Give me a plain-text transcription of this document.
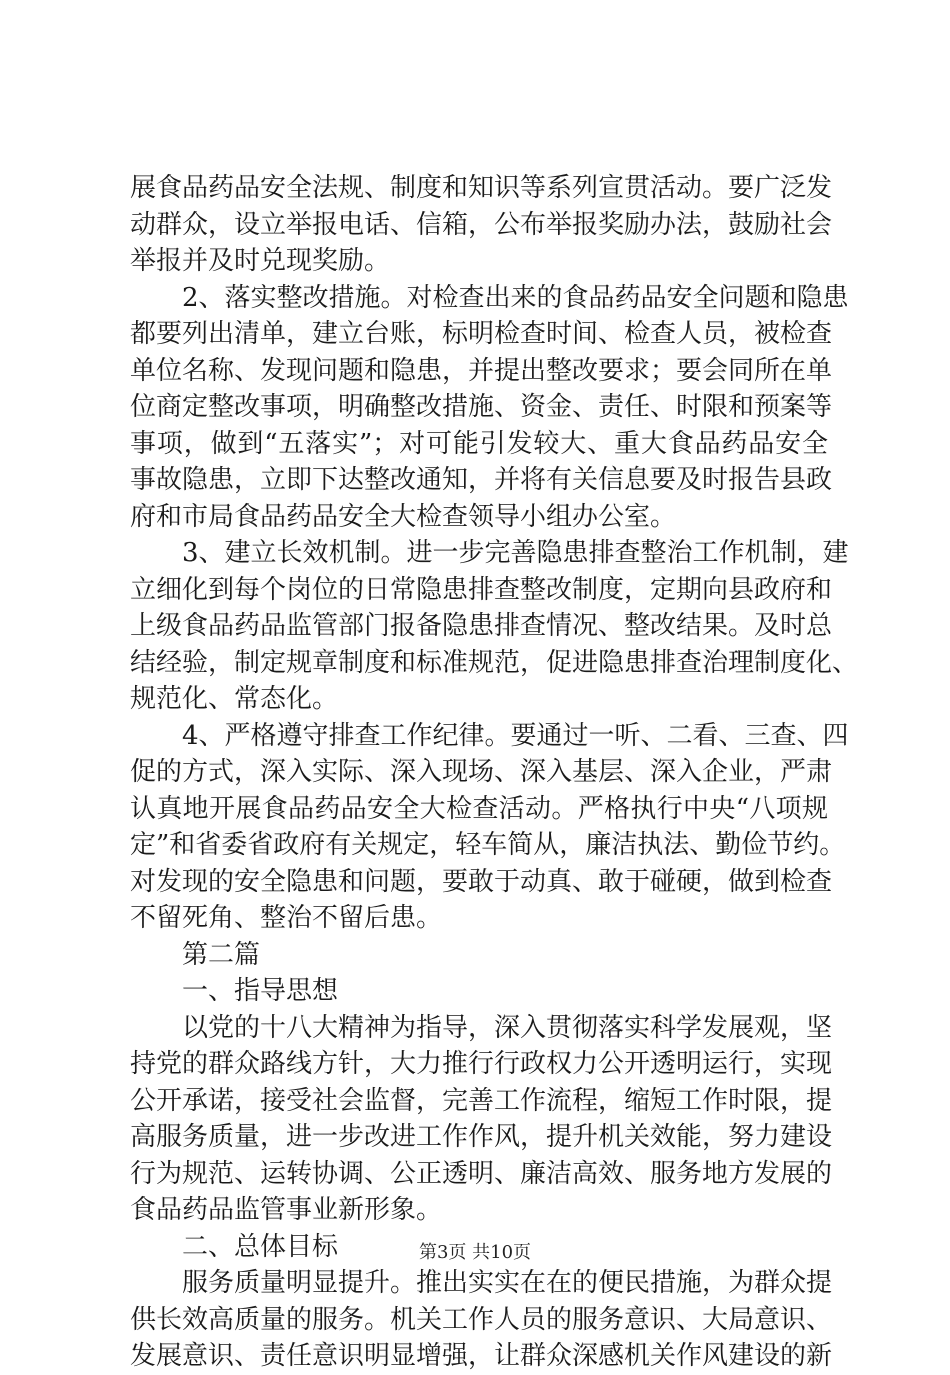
展食品药品安全法规、制度和知识等系列宣贯活动。要广泛发
动群众，设立举报电话、信箱，公布举报奖励办法，鼓励社会
举报并及时兑现奖励。
2、落实整改措施。对检查出来的食品药品安全问题和隐患
都要列出清单，建立台账，标明检查时间、检查人员，被检查
单位名称、发现问题和隐患，并提出整改要求；要会同所在单
位商定整改事项，明确整改措施、资金、责任、时限和预案等
事项，做到“五落实”；对可能引发较大、重大食品药品安全
事故隐患，立即下达整改通知，并将有关信息要及时报告县政
府和市局食品药品安全大检查领导小组办公室。
3、建立长效机制。进一步完善隐患排查整治工作机制，建
立细化到每个岗位的日常隐患排查整改制度，定期向县政府和
上级食品药品监管部门报备隐患排查情况、整改结果。及时总
结经验，制定规章制度和标准规范，促进隐患排查治理制度化、
规范化、常态化。
4、严格遵守排查工作纪律。要通过一听、二看、三查、四
促的方式，深入实际、深入现场、深入基层、深入企业，严肃
认真地开展食品药品安全大检查活动。严格执行中央“八项规
定”和省委省政府有关规定，轻车简从，廉洁执法、勤俭节约。
对发现的安全隐患和问题，要敢于动真、敢于碰硬，做到检查
不留死角、整治不留后患。
第二篇
一、指导思想
以党的十八大精神为指导，深入贯彻落实科学发展观，坚
持党的群众路线方针，大力推行行政权力公开透明运行，实现
公开承诺，接受社会监督，完善工作流程，缩短工作时限，提
高服务质量，进一步改进工作作风，提升机关效能，努力建设
行为规范、运转协调、公正透明、廉洁高效、服务地方发展的
食品药品监管事业新形象。
二、总体目标
服务质量明显提升。推出实实在在的便民措施，为群众提
供长效高质量的服务。机关工作人员的服务意识、大局意识、
发展意识、责任意识明显增强，让群众深感机关作风建设的新
第3页 共10页
